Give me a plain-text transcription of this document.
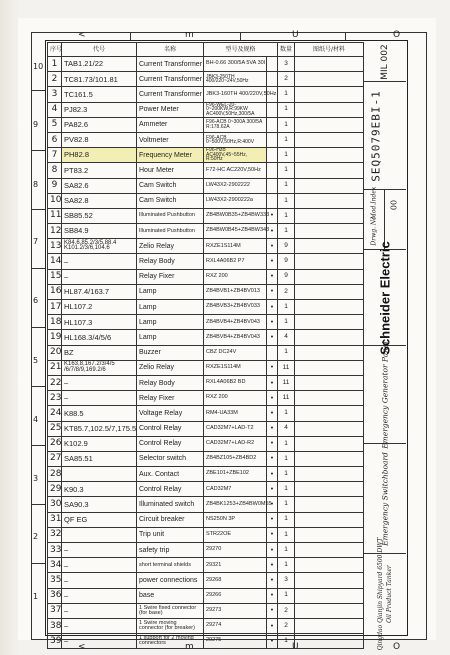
<	m	U	O
<	m	U	O
10
9
8
7
6
5
4
3
2
1
序号	代号	名称	型号及规格		数量	图纸号/材料
1	TAB1.21/22	Current Transformer	BH-0.66 300/5A 5VA 30I		3	
2	TC81.73/101.81	Current Transformer	JBK3-250TH 400/220~24V,50Hz		2	
3	TC161.5	Current Transformer	JBK3-160TH 400/220V,50Hz		1	
4	PJ82.3	Power Meter	F96-WEL-20-0~200KW,R:99KW AC400V,50Hz,300/5A		1	
5	PA82.6	Ammeter	F96-ACB 0~300A 300/5A R:178.62A		1	
6	PV82.8	Voltmeter	F96-ACB 0~500V,50Hz,R:400V		1	
7	PH82.8	Frequency Meter	F96-HzB AC400V,45~55Hz, R:50Hz		1	
8	PT83.2	Hour Meter	F72-HC AC220V,50Hz		1	
9	SA82.6	Cam Switch	LW43X2-2902222		1	
10	SA82.8	Cam Switch	LW43X2-2900222a		1	
11	SB85.52	Illuminated Pushbutton	ZB4BW0B35+ZB4BW333	•	1	
12	SB84.9	Illuminated Pushbutton	ZB4BW0B45+ZB4BW343	•	1	
13	K84.6,85.2/3/5,88.4 K101.2/3/6,104.6	Zelio Relay	RXZE1S114M	•	9	
14	–	Relay Body	RXL4A06B2 P7	•	9	
15	–	Relay Fixer	RXZ 200	•	9	
16	HL87.4/163.7	Lamp	ZB4BVB1+ZB4BV013	•	2	
17	HL107.2	Lamp	ZB4BVB3+ZB4BV033	•	1	
18	HL107.3	Lamp	ZB4BVB4+ZB4BV043	•	1	
19	HL168.3/4/5/6	Lamp	ZB4BVB4+ZB4BV043	•	4	
20	BZ	Buzzer	CBZ DC24V		1	
21	K163,8,167.2/3/4/5 /6/7/8/9,169.2/6	Zelio Relay	RXZE1S114M	•	11	
22	–	Relay Body	RXL4A06B2 BD	•	11	
23	–	Relay Fixer	RXZ 200	•	11	
24	K88.5	Voltage Relay	RM4-UA33M	•	1	
25	KT85.7,102.5/7,175.5	Control Relay	CAD32M7+LAD-T2	•	4	
26	K102.9	Control Relay	CAD32M7+LAD-R2	•	1	
27	SA85.51	Selector switch	ZB4BZ105+ZB4BD2	•	1	
28		Aux. Contact	ZBE101+ZBE102	•	1	
29	K90.3	Control Relay	CAD32M7	•	1	
30	SA90.3	Illuminated switch	ZB4BK1253+ZB4BW0M55	•	1	
31	QF EG	Circuit breaker	NS250N 3P	•	1	
32		Trip unit	STR22OE	•	1	
33	–	safety trip	29270	•	1	
34	–	short terminal shields	29321	•	1	
35	–	power connections	29268	•	3	
36	–	base	29266	•	1	
37	–	1 Swire fixed connector (for base)	29273	•	2	
38	–	1 Swire moving connector (for breaker)	29274	•	2	
39	–	1 support for 2 moving connectors	29275	•	1	
MIL 002
SEQ5079EBI-1
Drwg. No.
Mod.Index 00
Schneider Electric
Emergency Generator Panel
Emergency Switchboard
Qingdao Qianjin Shipyard 6500 DWT Oil Product Tanker
